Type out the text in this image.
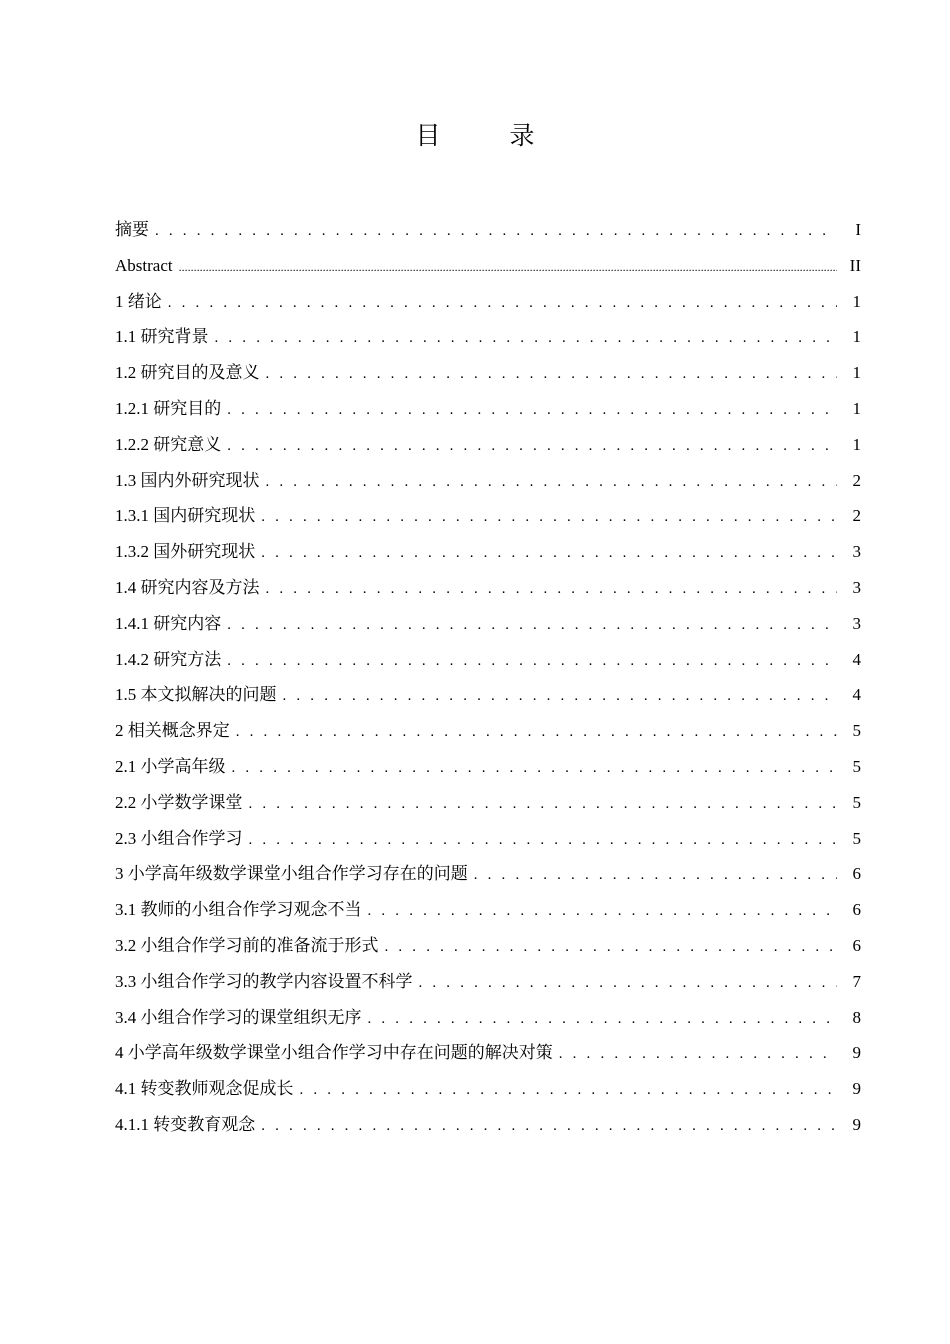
目　录
摘要 . . .	I
Abstract .....	II
1 绪论 . . .	1
1.1 研究背景 . . .	1
1.2 研究目的及意义 . . .	1
1.2.1 研究目的 . . .	1
1.2.2 研究意义 . . .	1
1.3 国内外研究现状 . . .	2
1.3.1 国内研究现状 . . .	2
1.3.2 国外研究现状 . . .	3
1.4 研究内容及方法 . . .	3
1.4.1 研究内容 . . .	3
1.4.2 研究方法 . . .	4
1.5 本文拟解决的问题 . . .	4
2 相关概念界定 . . .	5
2.1 小学高年级 . . .	5
2.2 小学数学课堂 . . .	5
2.3 小组合作学习 . . .	5
3 小学高年级数学课堂小组合作学习存在的问题 . . .	6
3.1 教师的小组合作学习观念不当 . . .	6
3.2 小组合作学习前的准备流于形式 . . .	6
3.3 小组合作学习的教学内容设置不科学 . . .	7
3.4 小组合作学习的课堂组织无序 . . .	8
4 小学高年级数学课堂小组合作学习中存在问题的解决对策 . . .	9
4.1 转变教师观念促成长 . . .	9
4.1.1 转变教育观念 . . .	9
